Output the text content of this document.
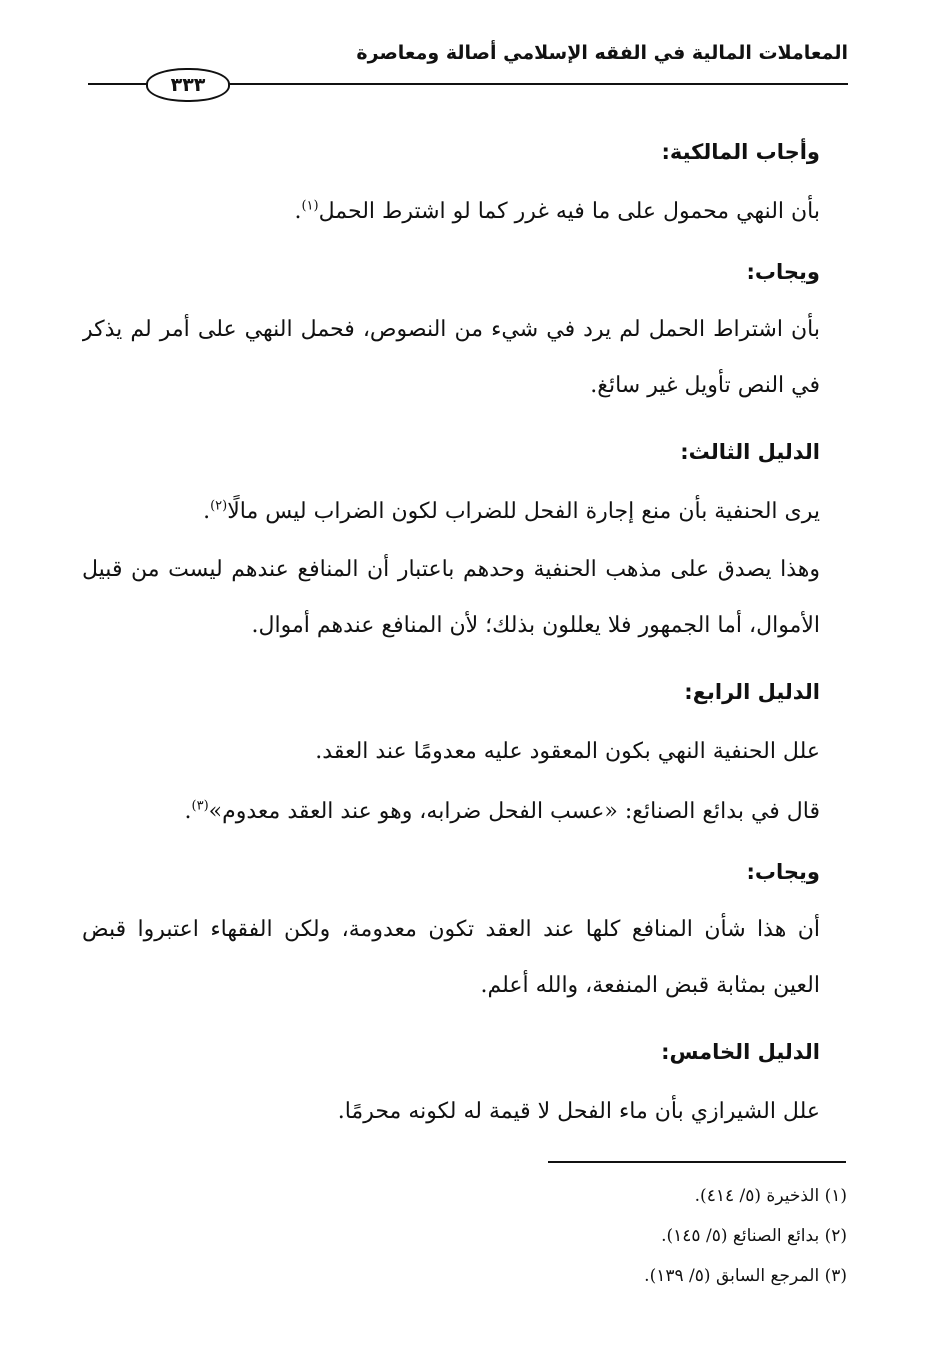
المعاملات المالية في الفقه الإسلامي أصالة ومعاصرة
٣٣٣
وأجاب المالكية:
بأن النهي محمول على ما فيه غرر كما لو اشترط الحمل$^{(١)}$.
ويجاب:
بأن اشتراط الحمل لم يرد في شيء من النصوص، فحمل النهي على أمر لم يذكر في النص تأويل غير سائغ.
الدليل الثالث:
يرى الحنفية بأن منع إجارة الفحل للضراب لكون الضراب ليس مالًا$^{(٢)}$.
وهذا يصدق على مذهب الحنفية وحدهم باعتبار أن المنافع عندهم ليست من قبيل الأموال، أما الجمهور فلا يعللون بذلك؛ لأن المنافع عندهم أموال.
الدليل الرابع:
علل الحنفية النهي بكون المعقود عليه معدومًا عند العقد.
قال في بدائع الصنائع: «عسب الفحل ضرابه، وهو عند العقد معدوم»$^{(٣)}$.
ويجاب:
أن هذا شأن المنافع كلها عند العقد تكون معدومة، ولكن الفقهاء اعتبروا قبض العين بمثابة قبض المنفعة، والله أعلم.
الدليل الخامس:
علل الشيرازي بأن ماء الفحل لا قيمة له لكونه محرمًا.
(١) الذخيرة (٥/ ٤١٤).
(٢) بدائع الصنائع (٥/ ١٤٥).
(٣) المرجع السابق (٥/ ١٣٩).
